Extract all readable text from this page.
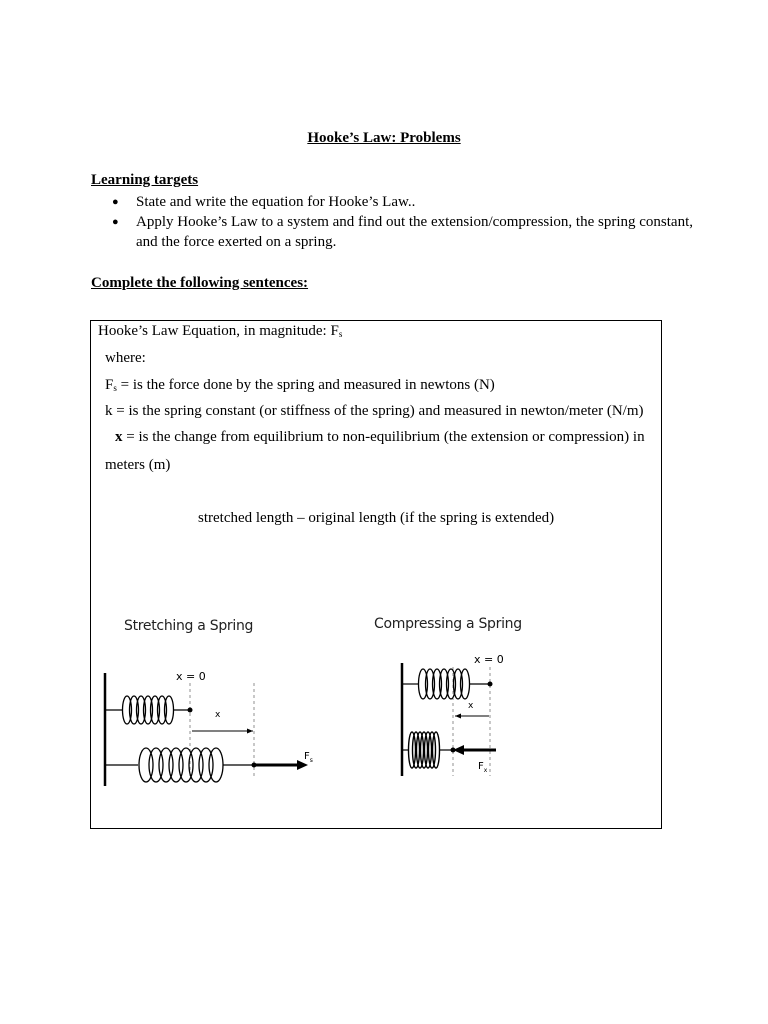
Hooke’s Law: Problems
Learning targets
● State and write the equation for Hooke’s Law..
● Apply Hooke’s Law to a system and find out the extension/compression, the spring constant,
and the force exerted on a spring.
Complete the following sentences:
Hooke’s Law Equation, in magnitude: $F_s$
where:
$F_s$ = is the force done by the spring and measured in newtons (N)
k = is the spring constant (or stiffness of the spring) and measured in newton/meter (N/m)
x = is the change from equilibrium to non-equilibrium (the extension or compression) in
meters (m)
stretched length – original length (if the spring is extended)
Stretching a Spring
x = 0
x
$F_s$
Compressing a Spring
x = 0
x
$F_x$
